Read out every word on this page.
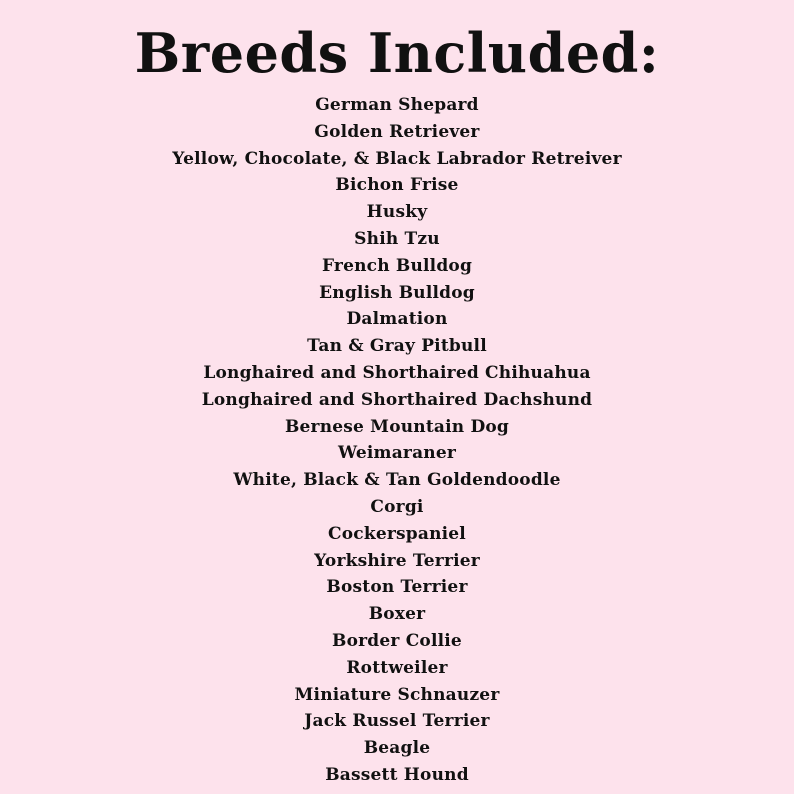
Breeds Included:
German Shepard
Golden Retriever
Yellow, Chocolate, & Black Labrador Retreiver
Bichon Frise
Husky
Shih Tzu
French Bulldog
English Bulldog
Dalmation
Tan & Gray Pitbull
Longhaired and Shorthaired Chihuahua
Longhaired and Shorthaired Dachshund
Bernese Mountain Dog
Weimaraner
White, Black & Tan Goldendoodle
Corgi
Cockerspaniel
Yorkshire Terrier
Boston Terrier
Boxer
Border Collie
Rottweiler
Miniature Schnauzer
Jack Russel Terrier
Beagle
Bassett Hound
